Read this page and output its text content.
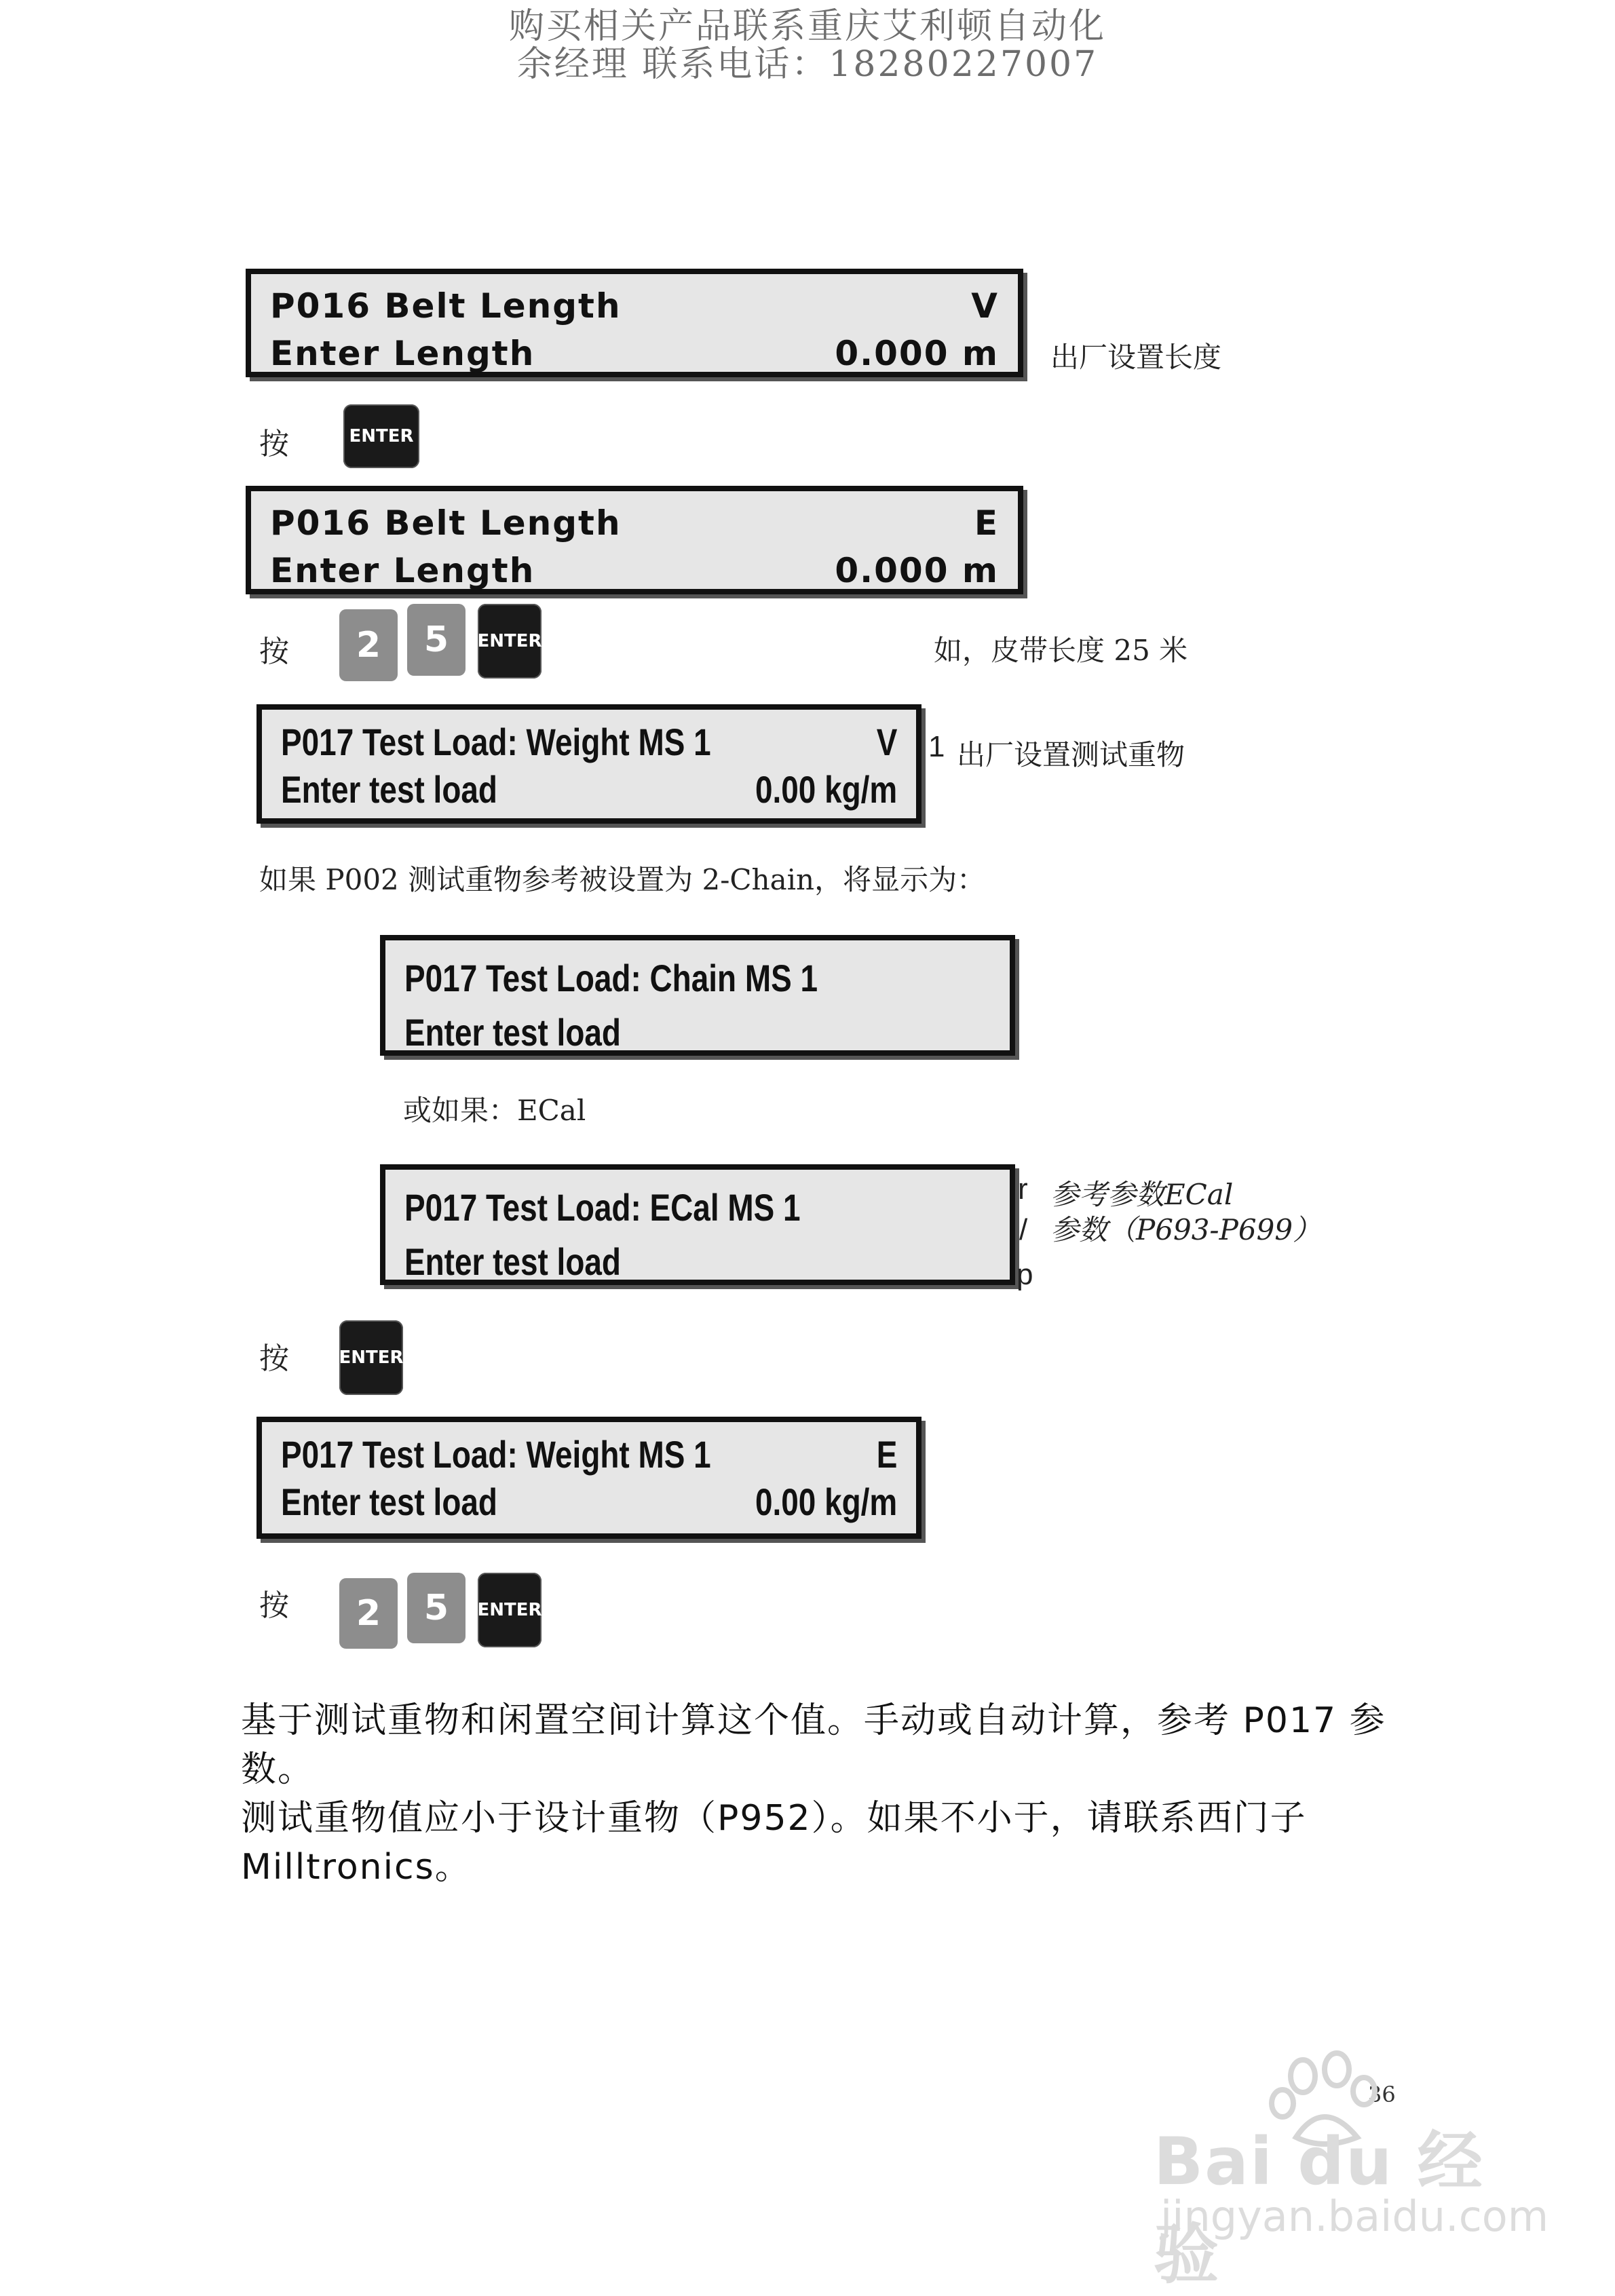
购买相关产品联系重庆艾利顿自动化
余经理 联系电话：18280227007
P016 Belt Length	V
Enter Length	0.000 m 出厂设置长度
按	ENTER
P016 Belt Length	E
Enter Length	0.000 m
按	2	5	ENTER	如，皮带长度 25 米
P017 Test Load: Weight MS 1	V
Enter test load	0.00 kg/m
1 出厂设置测试重物
如果 P002 测试重物参考被设置为 2-Chain，将显示为：
P017 Test Load: Chain MS 1
Enter test load
或如果：ECal
P017 Test Load: ECal MS 1
Enter test load
r
/
p
参考参数ECal
参数（P693-P699）
按	ENTER
P017 Test Load: Weight MS 1	E
Enter test load	0.00 kg/m
按	2	5	ENTER
基于测试重物和闲置空间计算这个值。手动或自动计算，参考 P017 参数。
测试重物值应小于设计重物（P952）。如果不小于，请联系西门子 Milltronics。
36
Bai du 经验
jingyan.baidu.com
